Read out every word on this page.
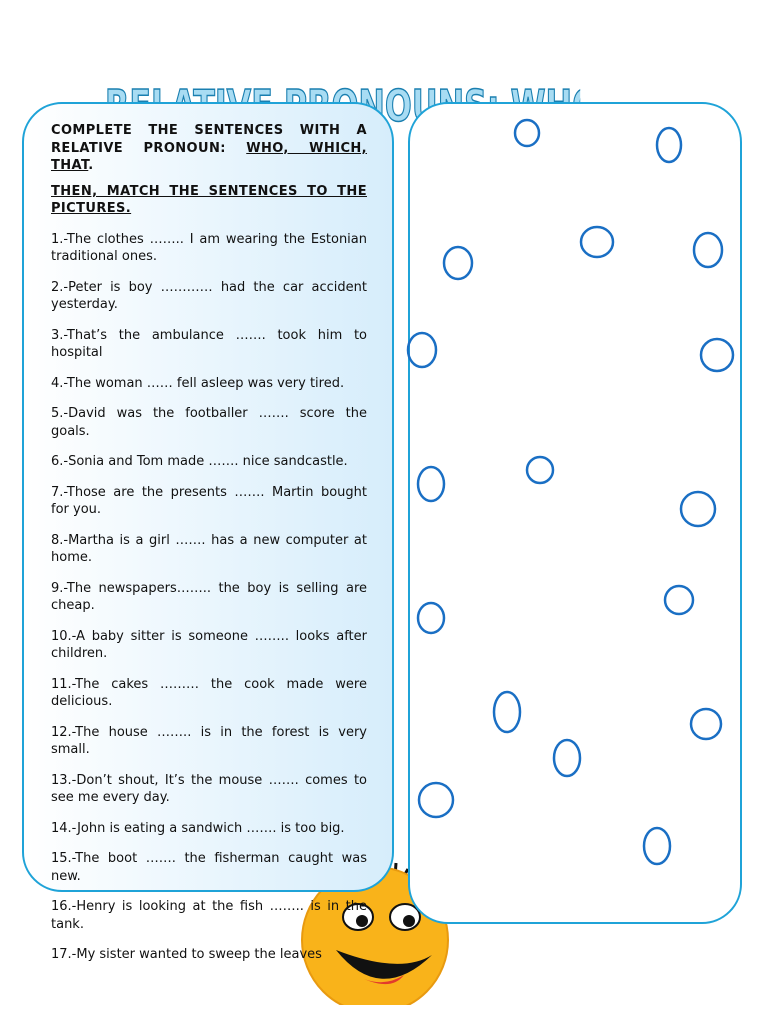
PRONOUNS:

COMPLETE THE SENTENCES WITH A RELATIVE PRONOUN: WHO, WHICH, THAT.

THEN, MATCH THE SENTENCES TO THE PICTURES.

1.-The clothes …….. I am wearing the Estonian traditional ones.

2.-Peter is boy ………… had the car accident yesterday.

3.-That’s the ambulance ……. took him to hospital

4.-The woman …… fell asleep was very tired.

5.-David was the footballer ……. score the goals.

6.-Sonia and Tom made ……. nice sandcastle.

7.-Those are the presents ……. Martin bought for you.

8.-Martha is a girl ……. has a new computer at home.

9.-The newspapers…….. the boy is selling are cheap.

10.-A baby sitter is someone …….. looks after children.

11.-The cakes ……… the cook made were delicious.

12.-The house …….. is in the forest is very small.

13.-Don’t shout, It’s the mouse ……. comes to see me every day.

14.-John is eating a sandwich ……. is too big.

15.-The boot ……. the fisherman caught was new.

16.-Henry is looking at the fish …….. is in the tank.

17.-My sister wanted to sweep the leaves
